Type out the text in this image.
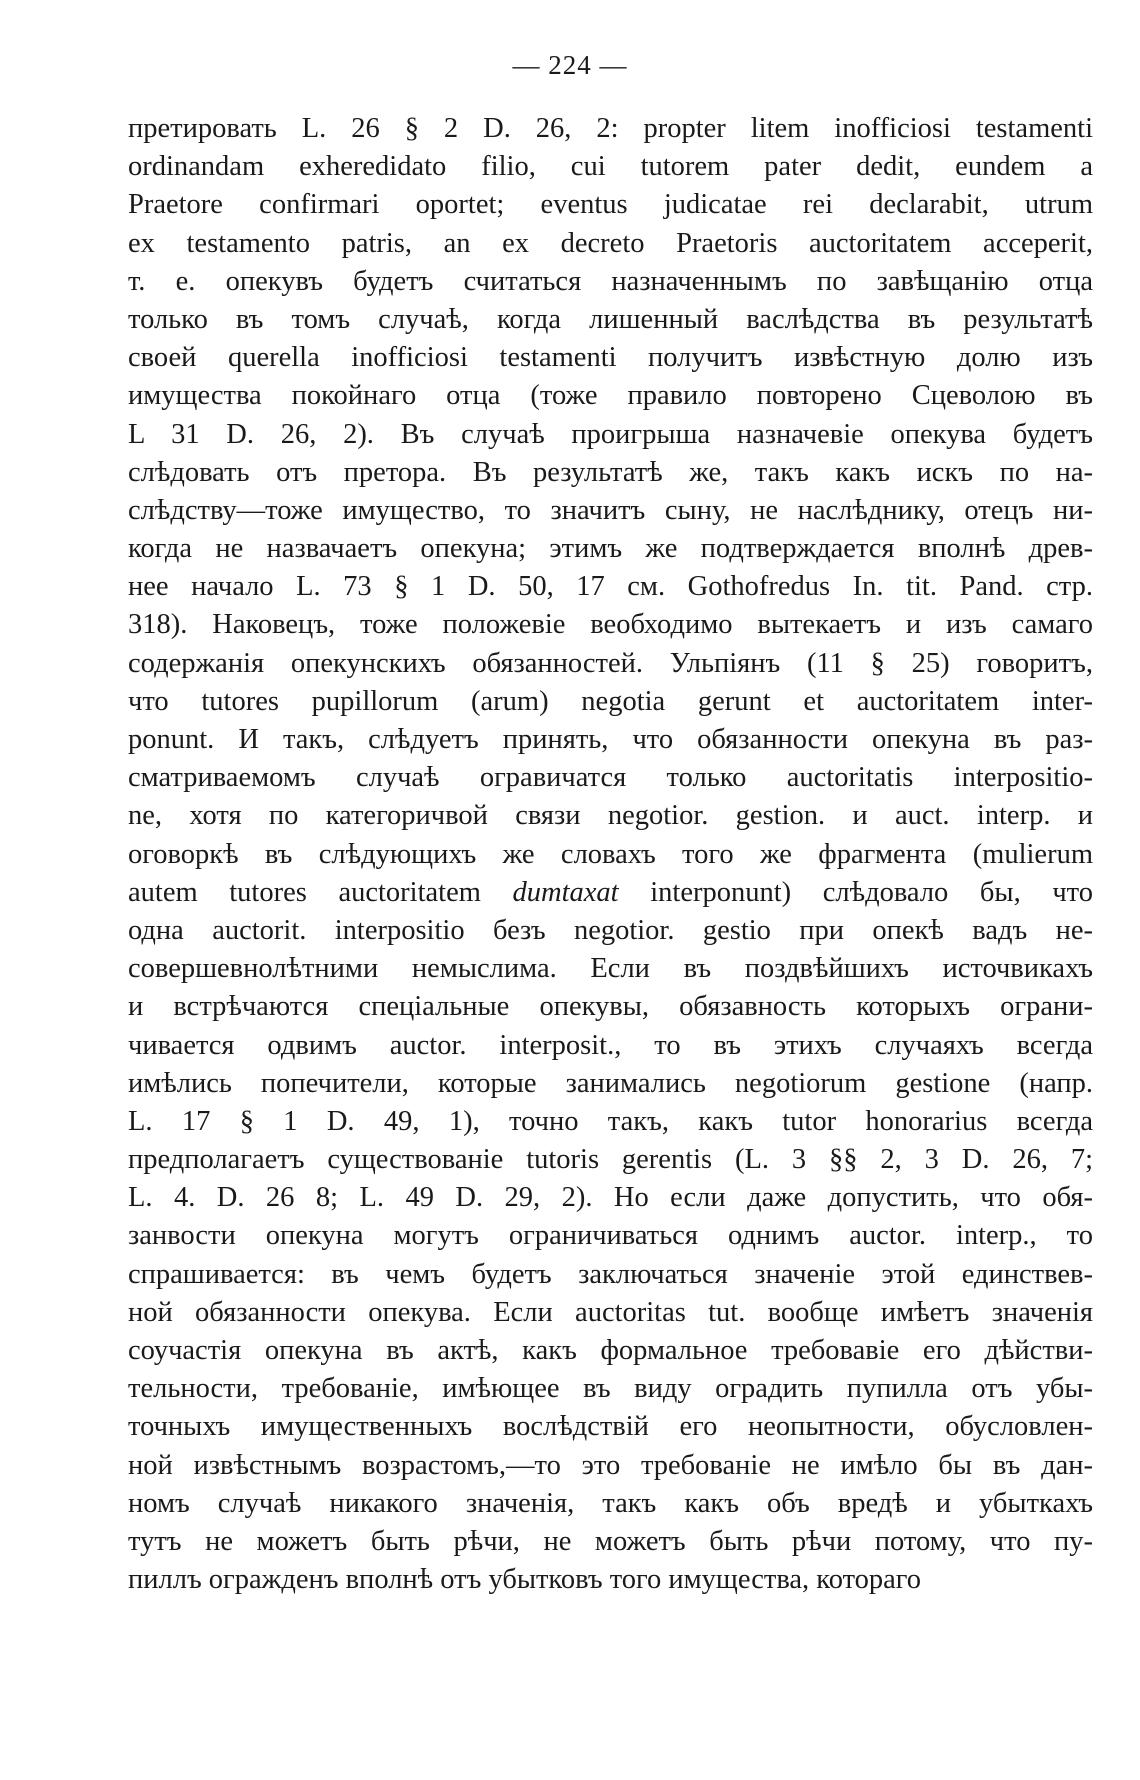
— 224 —
претировать L. 26 § 2 D. 26, 2: propter litem inofficiosi testamenti
ordinandam exheredidato filio, cui tutorem pater dedit, eundem a
Praetore confirmari oportet; eventus judicatae rei declarabit, utrum
ex testamento patris, an ex decreto Praetoris auctoritatem acceperit,
т. е. опекувъ будетъ считаться назначеннымъ по завѣщанію отца
только въ томъ случаѣ, когда лишенный васлѣдства въ результатѣ
своей querella inofficiosi testamenti получитъ извѣстную долю изъ
имущества покойнаго отца (тоже правило повторено Сцеволою въ
L 31 D. 26, 2). Въ случаѣ проигрыша назначевіе опекува будетъ
слѣдовать отъ претора. Въ результатѣ же, такъ какъ искъ по на-
слѣдству—тоже имущество, то значитъ сыну, не наслѣднику, отецъ ни-
когда не назвачаетъ опекуна; этимъ же подтверждается вполнѣ древ-
нее начало L. 73 § 1 D. 50, 17 см. Gothofredus In. tit. Pand. стр.
318). Наковецъ, тоже положевіе веобходимо вытекаетъ и изъ самаго
содержанія опекунскихъ обязанностей. Ульпіянъ (11 § 25) говоритъ,
что tutores pupillorum (arum) negotia gerunt et auctoritatem inter-
ponunt. И такъ, слѣдуетъ принять, что обязанности опекуна въ раз-
сматриваемомъ случаѣ огравичатся только auctoritatis interpositio-
ne, хотя по категоричвой связи negotior. gestion. и auct. interp. и
оговоркѣ въ слѣдующихъ же словахъ того же фрагмента (mulierum
autem tutores auctoritatem dumtaxat interponunt) слѣдовало бы, что
одна auctorit. interpositio безъ negotior. gestio при опекѣ вадъ не-
совершевнолѣтними немыслима. Если въ поздвѣйшихъ источвикахъ
и встрѣчаются спеціальные опекувы, обязавность которыхъ ограни-
чивается одвимъ auctor. interposit., то въ этихъ случаяхъ всегда
имѣлись попечители, которые занимались negotiorum gestione (напр.
L. 17 § 1 D. 49, 1), точно такъ, какъ tutor honorarius всегда
предполагаетъ существованіе tutoris gerentis (L. 3 §§ 2, 3 D. 26, 7;
L. 4. D. 26 8; L. 49 D. 29, 2). Но если даже допустить, что обя-
занвости опекуна могутъ ограничиваться однимъ auctor. interp., то
спрашивается: въ чемъ будетъ заключаться значеніе этой единствев-
ной обязанности опекува. Если auctoritas tut. вообще имѣетъ значенія
соучастія опекуна въ актѣ, какъ формальное требовавіе его дѣйстви-
тельности, требованіе, имѣющее въ виду оградить пупилла отъ убы-
точныхъ имущественныхъ воcлѣдствій его неопытности, обусловлен-
ной извѣстнымъ возрастомъ,—то это требованіе не имѣло бы въ дан-
номъ случаѣ никакого значенія, такъ какъ объ вредѣ и убыткахъ
тутъ не можетъ быть рѣчи, не можетъ быть рѣчи потому, что пу-
пиллъ огражденъ вполнѣ отъ убытковъ того имущества, котораго
